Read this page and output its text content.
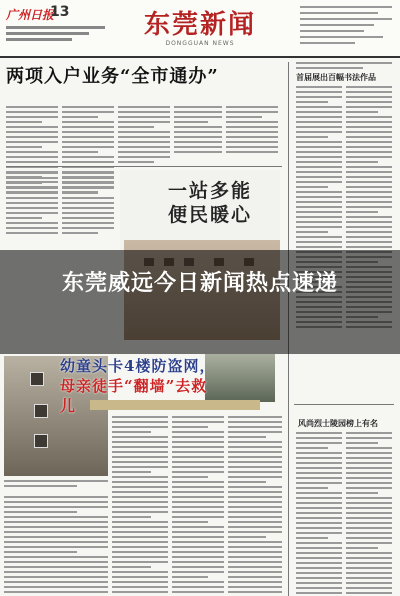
广州日报
13	东莞新闻
DONGGUAN NEWS
两项入户业务“全市通办”
一站多能
便民暖心
首届展出百幅书法作品
东莞威远今日新闻热点速递
幼童头卡4楼防盗网，
母亲徒手“翻墙”去救儿
风尚烈士陵园榜上有名
